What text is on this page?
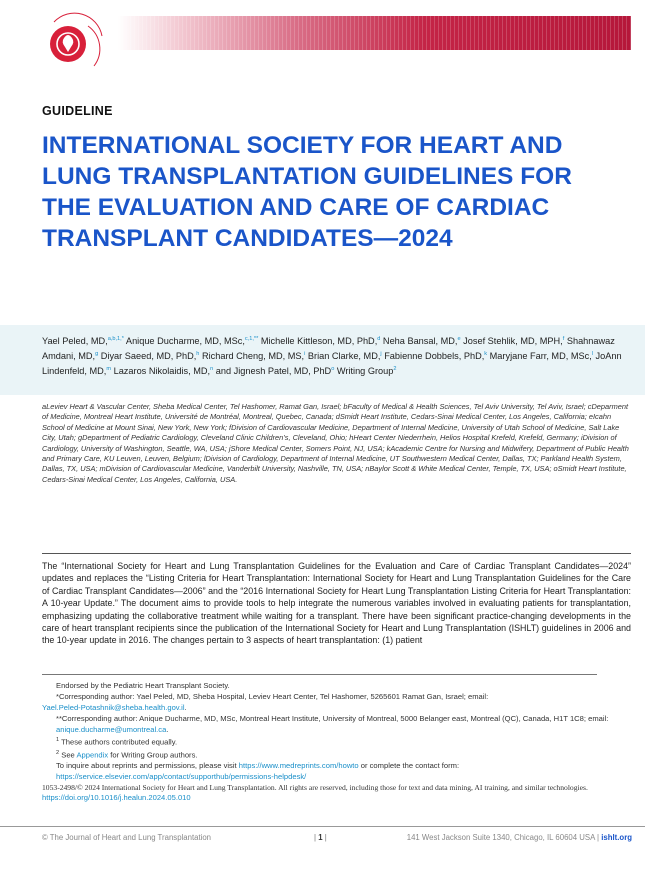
GUIDELINE
INTERNATIONAL SOCIETY FOR HEART AND LUNG TRANSPLANTATION GUIDELINES FOR THE EVALUATION AND CARE OF CARDIAC TRANSPLANT CANDIDATES—2024
Yael Peled, MD,$^{a,b,1,*}$ Anique Ducharme, MD, MSc,$^{c,1,**}$ Michelle Kittleson, MD, PhD,$^d$ Neha Bansal, MD,$^e$ Josef Stehlik, MD, MPH,$^f$ Shahnawaz Amdani, MD,$^g$ Diyar Saeed, MD, PhD,$^h$ Richard Cheng, MD, MS,$^i$ Brian Clarke, MD,$^j$ Fabienne Dobbels, PhD,$^k$ Maryjane Farr, MD, MSc,$^l$ JoAnn Lindenfeld, MD,$^m$ Lazaros Nikolaidis, MD,$^n$ and Jignesh Patel, MD, PhD$^o$ Writing Group$^2$
aLeviev Heart & Vascular Center, Sheba Medical Center, Tel Hashomer, Ramat Gan, Israel; bFaculty of Medical & Health Sciences, Tel Aviv University, Tel Aviv, Israel; cDeparment of Medicine, Montreal Heart Institute, Université de Montréal, Montreal, Quebec, Canada; dSmidt Heart Institute, Cedars-Sinai Medical Center, Los Angeles, California; eIcahn School of Medicine at Mount Sinai, New York, New York; fDivision of Cardiovascular Medicine, Department of Internal Medicine, University of Utah School of Medicine, Salt Lake City, Utah; gDepartment of Pediatric Cardiology, Cleveland Clinic Children’s, Cleveland, Ohio; hHeart Center Niederrhein, Helios Hospital Krefeld, Krefeld, Germany; iDivision of Cardiology, University of Washington, Seattle, WA, USA; jShore Medical Center, Somers Point, NJ, USA; kAcademic Centre for Nursing and Midwifery, Department of Public Health and Primary Care, KU Leuven, Leuven, Belgium; lDivision of Cardiology, Department of Internal Medicine, UT Southwestern Medical Center, Dallas, TX; Parkland Health System, Dallas, TX, USA; mDivision of Cardiovascular Medicine, Vanderbilt University, Nashville, TN, USA; nBaylor Scott & White Medical Center, Temple, TX, USA; oSmidt Heart Institute, Cedars-Sinai Medical Center, Los Angeles, California, USA.
The “International Society for Heart and Lung Transplantation Guidelines for the Evaluation and Care of Cardiac Transplant Candidates—2024” updates and replaces the “Listing Criteria for Heart Transplantation: International Society for Heart and Lung Transplantation Guidelines for the Care of Cardiac Transplant Candidates—2006” and the “2016 International Society for Heart Lung Transplantation Listing Criteria for Heart Transplantation: A 10-year Update.” The document aims to provide tools to help integrate the numerous variables involved in evaluating patients for transplantation, emphasizing updating the collaborative treatment while waiting for a transplant. There have been significant practice-changing developments in the care of heart transplant recipients since the publication of the International Society for Heart and Lung Transplantation (ISHLT) guidelines in 2006 and the 10-year update in 2016. The changes pertain to 3 aspects of heart transplantation: (1) patient

Endorsed by the Pediatric Heart Transplant Society.

*Corresponding author: Yael Peled, MD, Sheba Hospital, Leviev Heart Center, Tel Hashomer, 5265601 Ramat Gan, Israel; email:

Yael.Peled-Potashnik@sheba.health.gov.il.

**Corresponding author: Anique Ducharme, MD, MSc, Montreal Heart Institute, University of Montreal, 5000 Belanger east, Montreal (QC), Canada, H1T 1C8; email: anique.ducharme@umontreal.ca.

$^1$ These authors contributed equally.

$^2$ See Appendix for Writing Group authors.

To inquire about reprints and permissions, please visit https://www.medreprints.com/howto or complete the contact form:

https://service.elsevier.com/app/contact/supporthub/permissions-helpdesk/

1053-2498/© 2024 International Society for Heart and Lung Transplantation. All rights are reserved, including those for text and data mining, AI training, and similar technologies.
https://doi.org/10.1016/j.healun.2024.05.010
© The Journal of Heart and Lung Transplantation	| 1 |	141 West Jackson Suite 1340, Chicago, IL 60604 USA | ishlt.org
